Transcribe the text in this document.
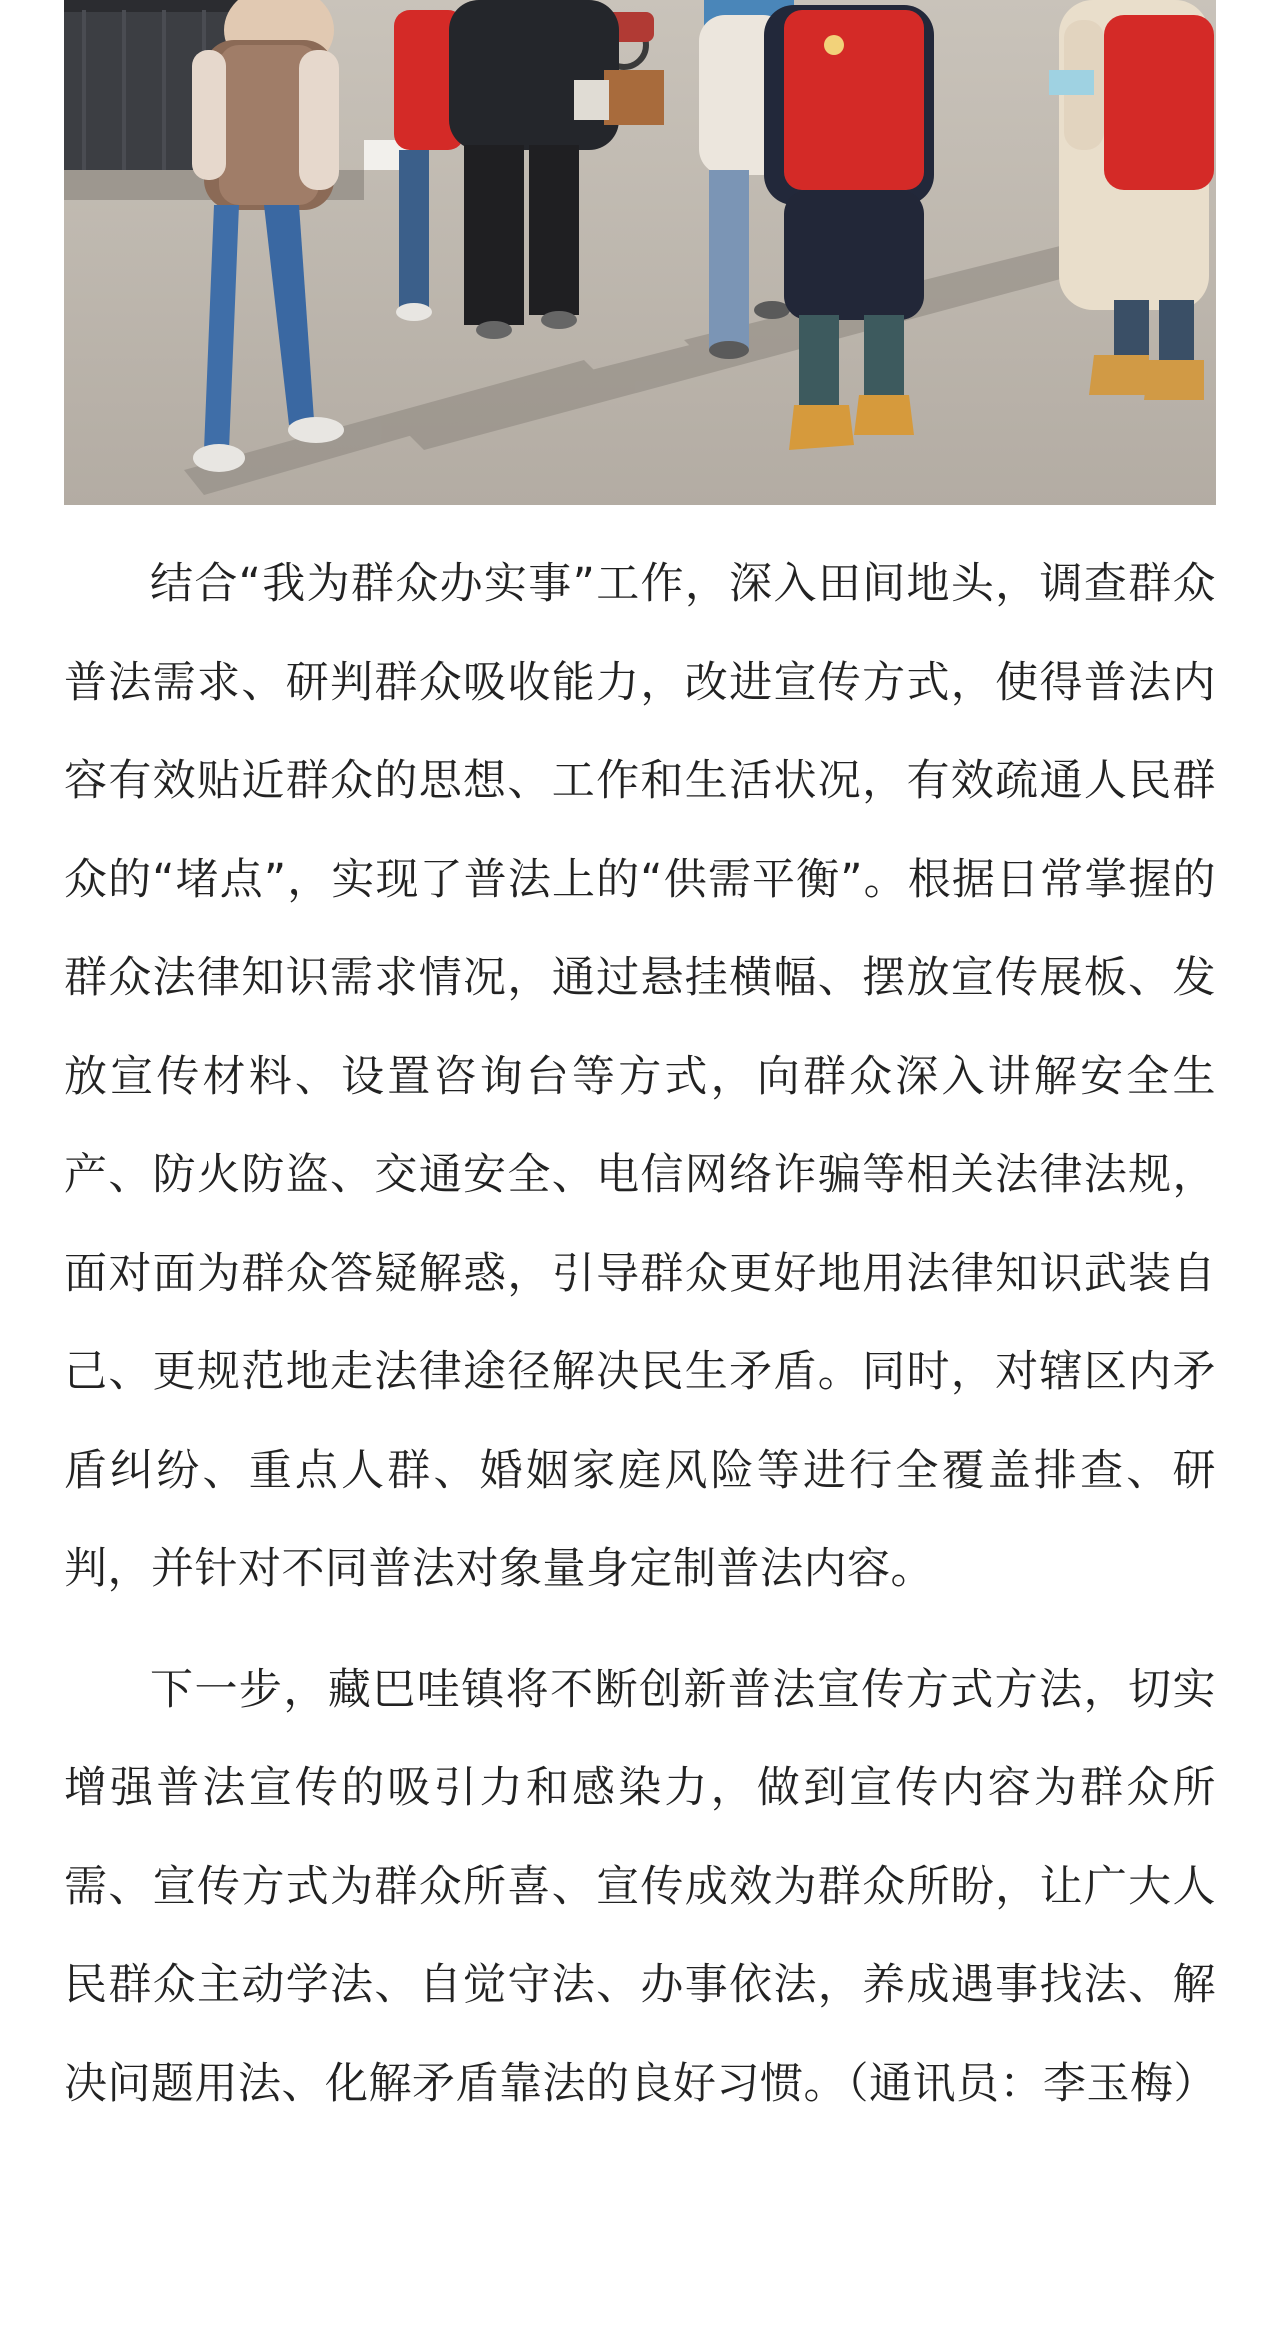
结合“我为群众办实事”工作，深入田间地头，调查群众普法需求、研判群众吸收能力，改进宣传方式，使得普法内容有效贴近群众的思想、工作和生活状况，有效疏通人民群众的“堵点”，实现了普法上的“供需平衡”。根据日常掌握的群众法律知识需求情况，通过悬挂横幅、摆放宣传展板、发放宣传材料、设置咨询台等方式，向群众深入讲解安全生产、防火防盗、交通安全、电信网络诈骗等相关法律法规，面对面为群众答疑解惑，引导群众更好地用法律知识武装自己、更规范地走法律途径解决民生矛盾。同时，对辖区内矛盾纠纷、重点人群、婚姻家庭风险等进行全覆盖排查、研判，并针对不同普法对象量身定制普法内容。

下一步，藏巴哇镇将不断创新普法宣传方式方法，切实增强普法宣传的吸引力和感染力，做到宣传内容为群众所需、宣传方式为群众所喜、宣传成效为群众所盼，让广大人民群众主动学法、自觉守法、办事依法，养成遇事找法、解决问题用法、化解矛盾靠法的良好习惯。（通讯员：李玉梅）
